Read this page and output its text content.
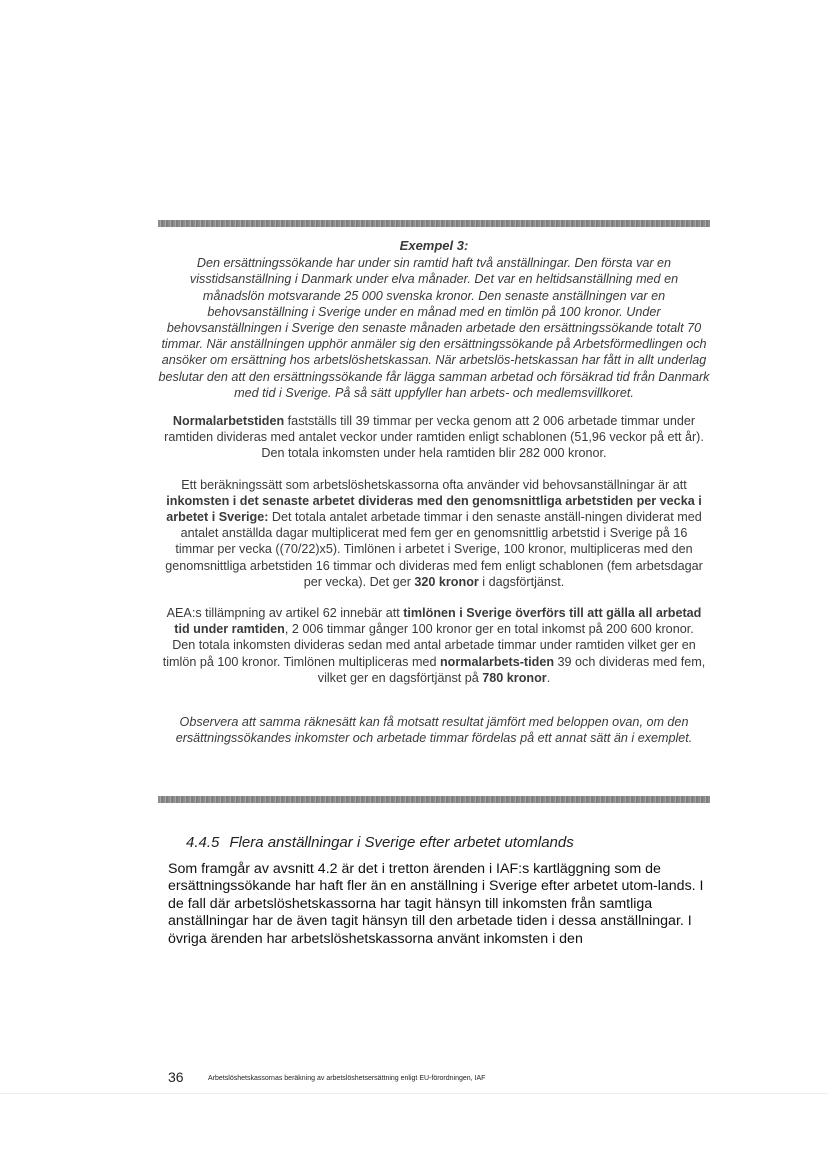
Exempel 3:

Den ersättningssökande har under sin ramtid haft två anställningar. Den första var en visstidsanställning i Danmark under elva månader. Det var en heltidsanställning med en månadslön motsvarande 25 000 svenska kronor. Den senaste anställningen var en behovsanställning i Sverige under en månad med en timlön på 100 kronor. Under behovsanställningen i Sverige den senaste månaden arbetade den ersättningssökande totalt 70 timmar. När anställningen upphör anmäler sig den ersättningssökande på Arbetsförmedlingen och ansöker om ersättning hos arbetslöshetskassan. När arbetslös-hetskassan har fått in allt underlag beslutar den att den ersättningssökande får lägga samman arbetad och försäkrad tid från Danmark med tid i Sverige. På så sätt uppfyller han arbets- och medlemsvillkoret.

Normalarbetstiden fastställs till 39 timmar per vecka genom att 2 006 arbetade timmar under ramtiden divideras med antalet veckor under ramtiden enligt schablonen (51,96 veckor på ett år). Den totala inkomsten under hela ramtiden blir 282 000 kronor.

Ett beräkningssätt som arbetslöshetskassorna ofta använder vid behovsanställningar är att inkomsten i det senaste arbetet divideras med den genomsnittliga arbetstiden per vecka i arbetet i Sverige: Det totala antalet arbetade timmar i den senaste anställ-ningen dividerat med antalet anställda dagar multiplicerat med fem ger en genomsnittlig arbetstid i Sverige på 16 timmar per vecka ((70/22)x5). Timlönen i arbetet i Sverige, 100 kronor, multipliceras med den genomsnittliga arbetstiden 16 timmar och divideras med fem enligt schablonen (fem arbetsdagar per vecka). Det ger 320 kronor i dagsförtjänst.

AEA:s tillämpning av artikel 62 innebär att timlönen i Sverige överförs till att gälla all arbetad tid under ramtiden, 2 006 timmar gånger 100 kronor ger en total inkomst på 200 600 kronor. Den totala inkomsten divideras sedan med antal arbetade timmar under ramtiden vilket ger en timlön på 100 kronor. Timlönen multipliceras med normalarbets-tiden 39 och divideras med fem, vilket ger en dagsförtjänst på 780 kronor.

Observera att samma räknesätt kan få motsatt resultat jämfört med beloppen ovan, om den ersättningssökandes inkomster och arbetade timmar fördelas på ett annat sätt än i exemplet.

4.4.5 Flera anställningar i Sverige efter arbetet utomlands

Som framgår av avsnitt 4.2 är det i tretton ärenden i IAF:s kartläggning som de ersättningssökande har haft fler än en anställning i Sverige efter arbetet utom-lands. I de fall där arbetslöshetskassorna har tagit hänsyn till inkomsten från samtliga anställningar har de även tagit hänsyn till den arbetade tiden i dessa anställningar. I övriga ärenden har arbetslöshetskassorna använt inkomsten i den

36	Arbetslöshetskassornas beräkning av arbetslöshetsersättning enligt EU-förordningen, IAF
